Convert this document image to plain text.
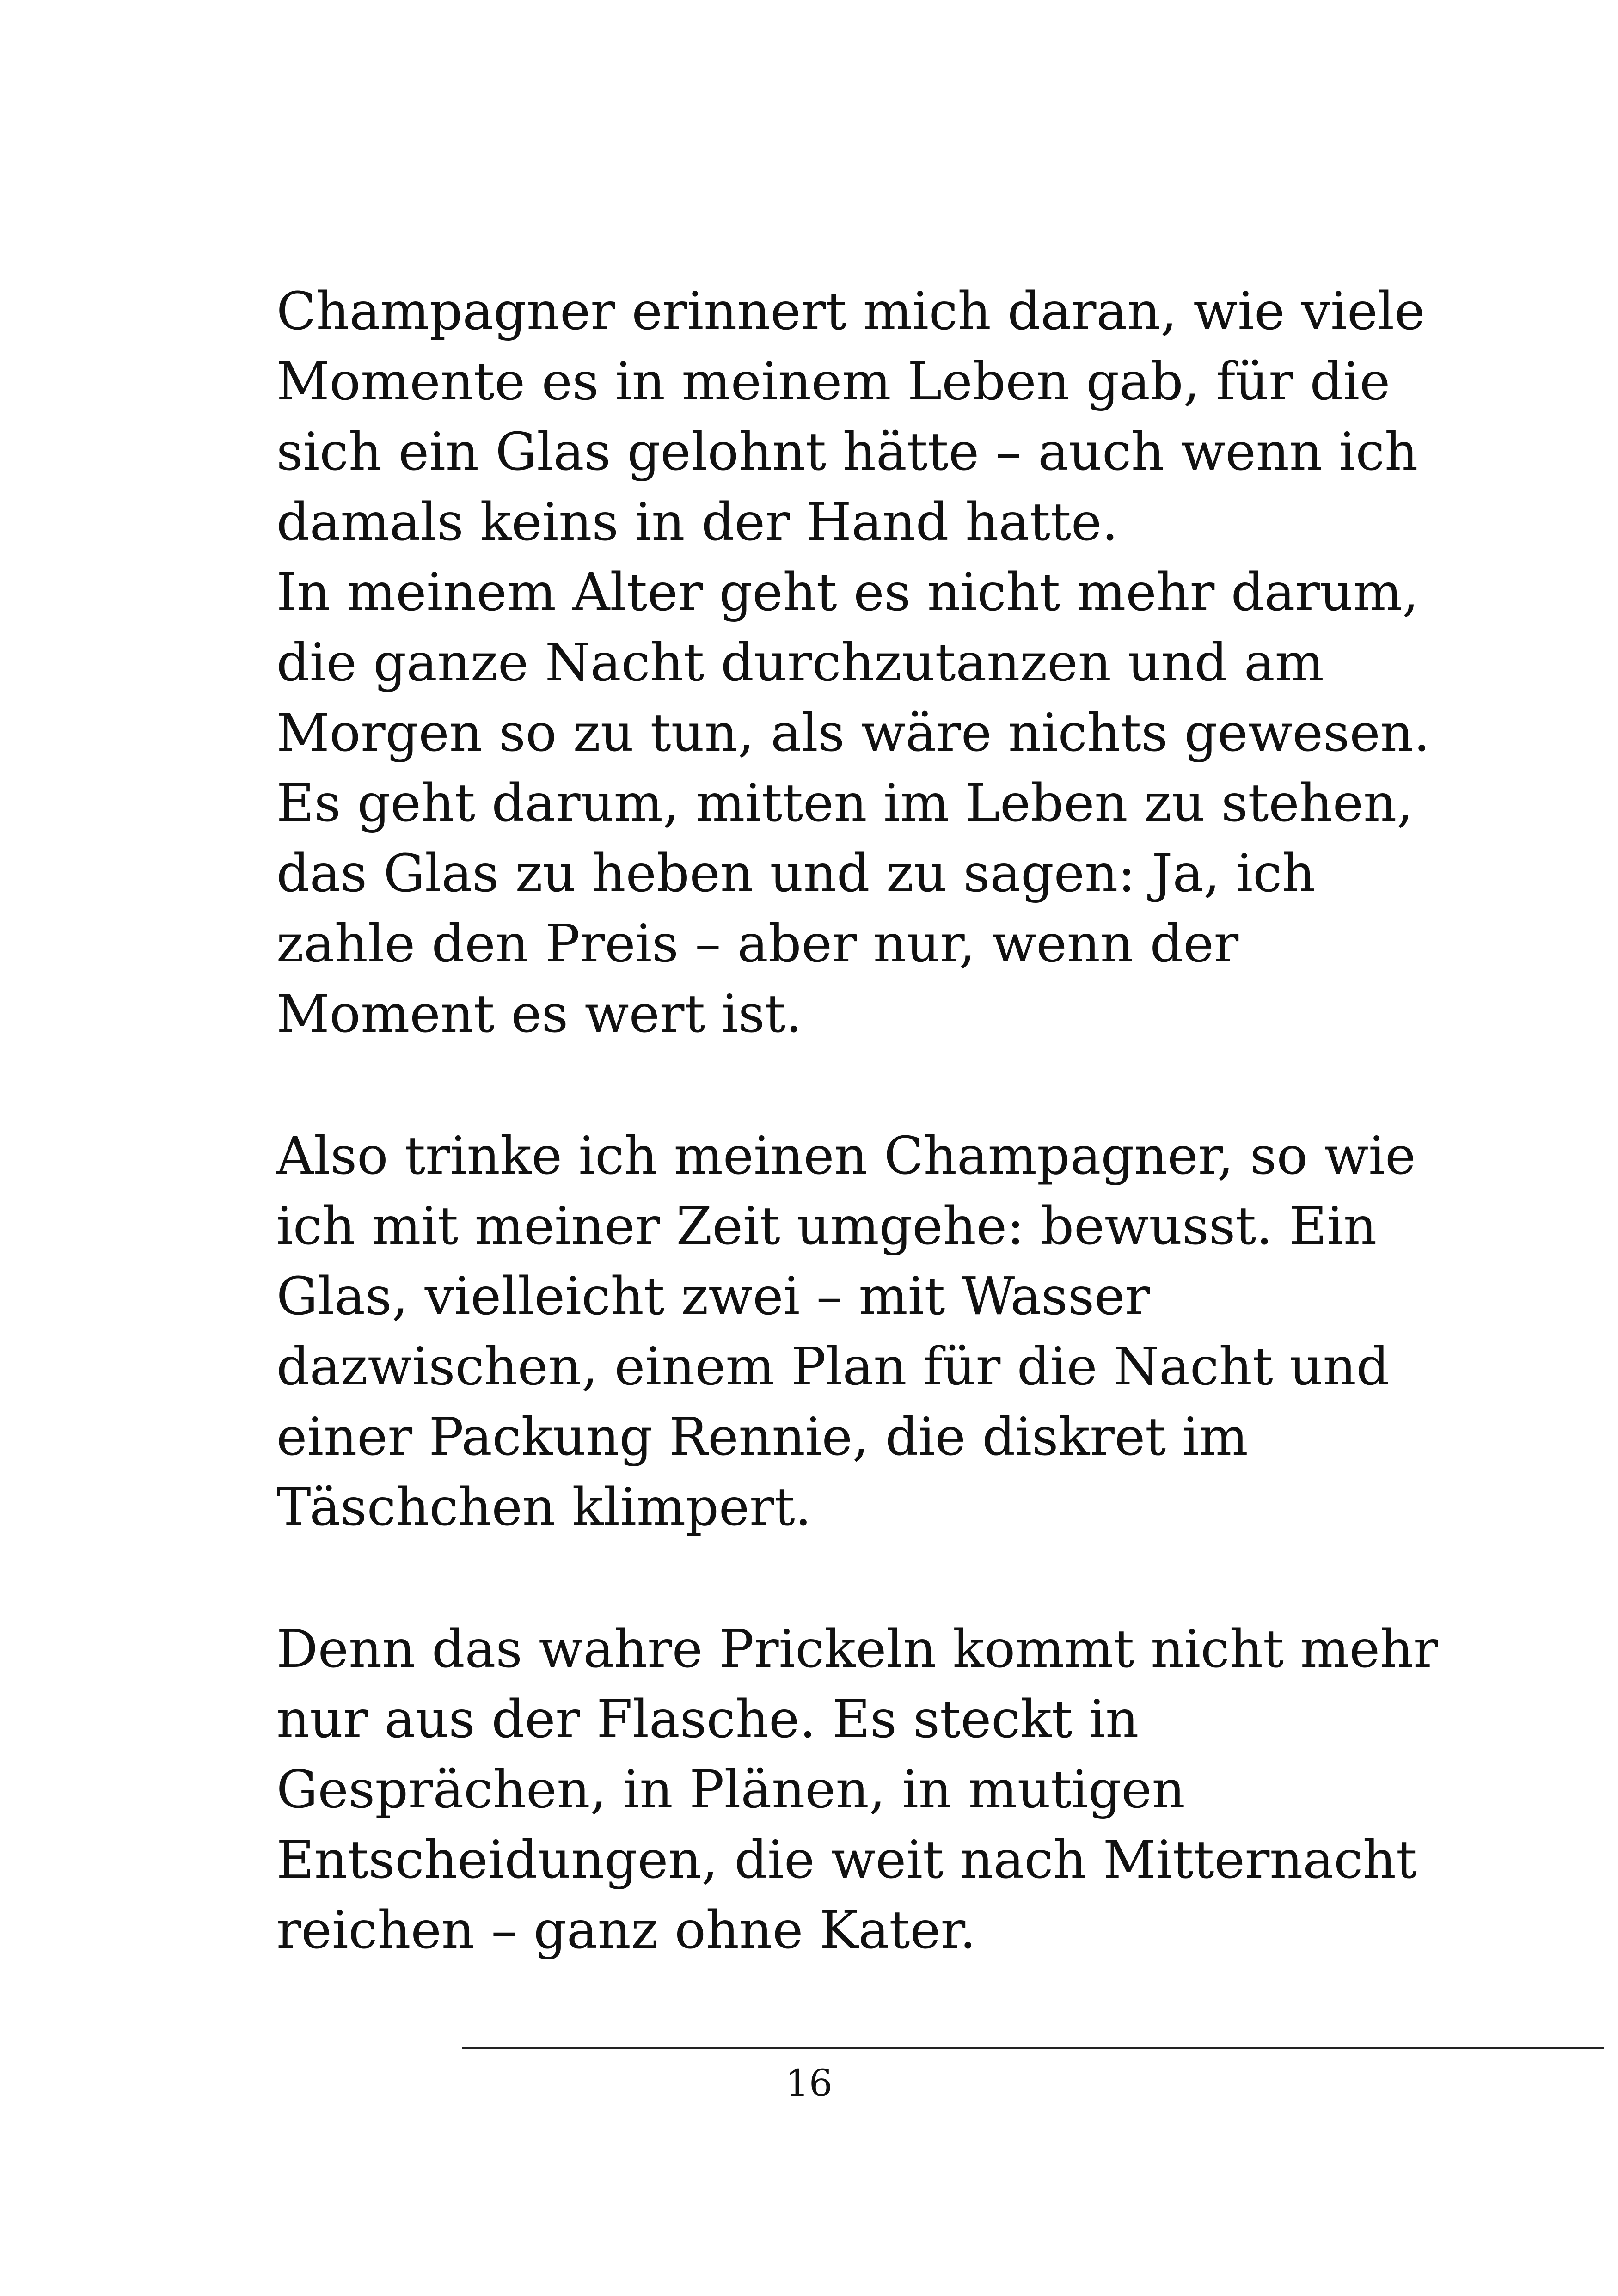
Champagner erinnert mich daran, wie viele
Momente es in meinem Leben gab, für die
sich ein Glas gelohnt hätte – auch wenn ich
damals keins in der Hand hatte.
In meinem Alter geht es nicht mehr darum,
die ganze Nacht durchzutanzen und am
Morgen so zu tun, als wäre nichts gewesen.
Es geht darum, mitten im Leben zu stehen,
das Glas zu heben und zu sagen: Ja, ich
zahle den Preis – aber nur, wenn der
Moment es wert ist.
Also trinke ich meinen Champagner, so wie
ich mit meiner Zeit umgehe: bewusst. Ein
Glas, vielleicht zwei – mit Wasser
dazwischen, einem Plan für die Nacht und
einer Packung Rennie, die diskret im
Täschchen klimpert.
Denn das wahre Prickeln kommt nicht mehr
nur aus der Flasche. Es steckt in
Gesprächen, in Plänen, in mutigen
Entscheidungen, die weit nach Mitternacht
reichen – ganz ohne Kater.
16
